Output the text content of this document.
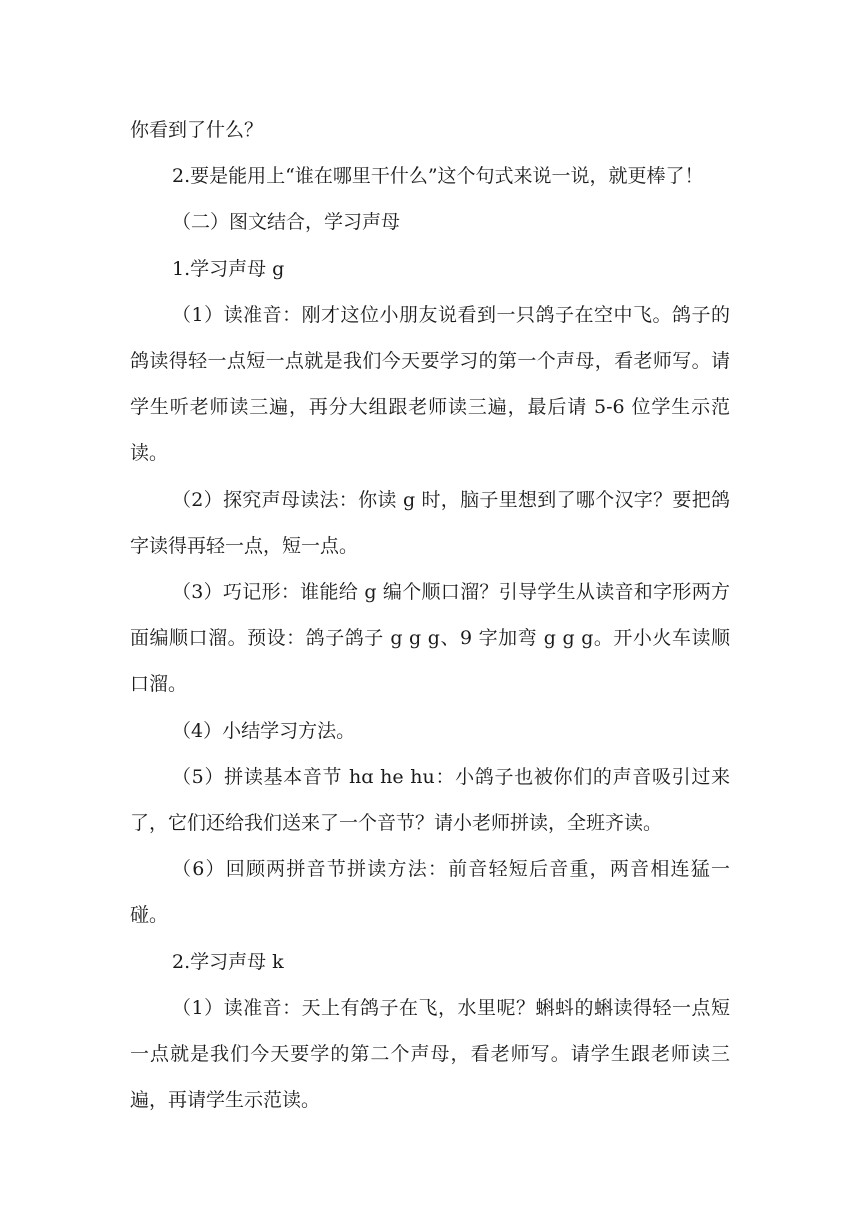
你看到了什么？

2.要是能用上“谁在哪里干什么”这个句式来说一说，就更棒了！

（二）图文结合，学习声母

1.学习声母 g

（1）读准音：刚才这位小朋友说看到一只鸽子在空中飞。鸽子的鸽读得轻一点短一点就是我们今天要学习的第一个声母，看老师写。请学生听老师读三遍，再分大组跟老师读三遍，最后请 5-6 位学生示范读。

（2）探究声母读法：你读 g 时，脑子里想到了哪个汉字？要把鸽字读得再轻一点，短一点。

（3）巧记形：谁能给 g 编个顺口溜？引导学生从读音和字形两方面编顺口溜。预设：鸽子鸽子 g g g、9 字加弯 g g g。开小火车读顺口溜。

（4）小结学习方法。

（5）拼读基本音节 hɑ he hu：小鸽子也被你们的声音吸引过来了，它们还给我们送来了一个音节？请小老师拼读，全班齐读。

（6）回顾两拼音节拼读方法：前音轻短后音重，两音相连猛一碰。

2.学习声母 k

（1）读准音：天上有鸽子在飞，水里呢？蝌蚪的蝌读得轻一点短一点就是我们今天要学的第二个声母，看老师写。请学生跟老师读三遍，再请学生示范读。
